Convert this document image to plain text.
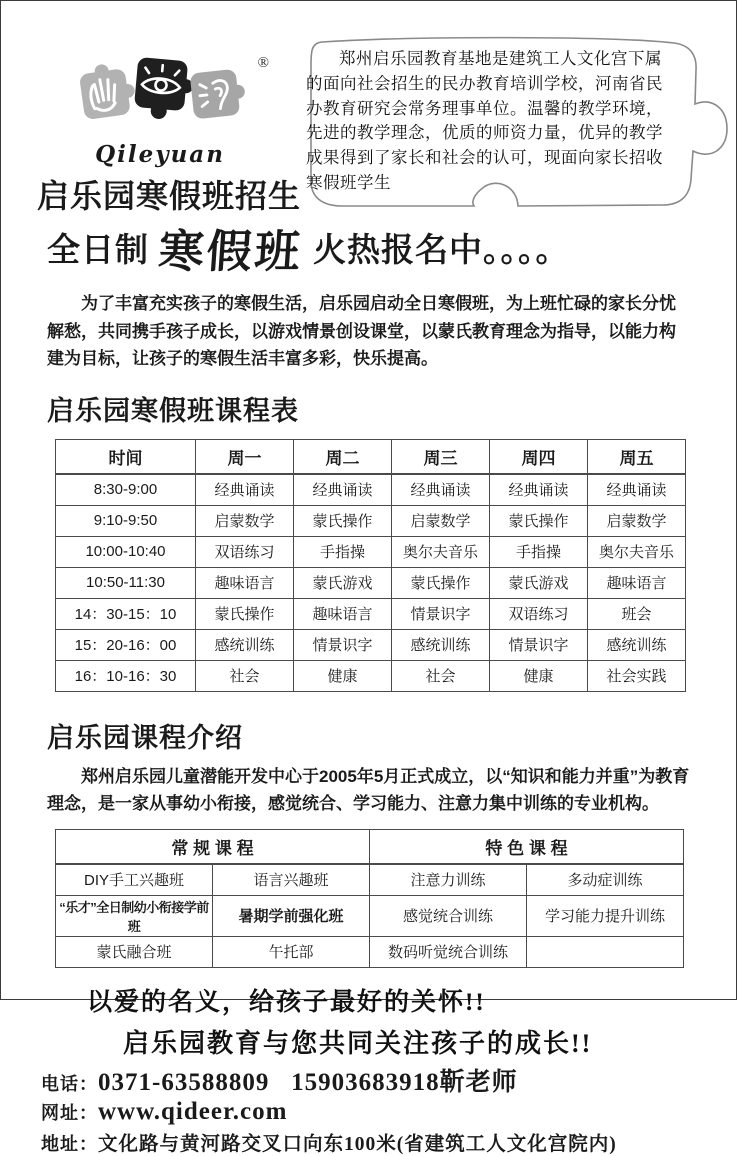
®
Qileyuan
启乐园寒假班招生
郑州启乐园教育基地是建筑工人文化宫下属的面向社会招生的民办教育培训学校，河南省民办教育研究会常务理事单位。温馨的教学环境，先进的教学理念，优质的师资力量，优异的教学成果得到了家长和社会的认可，现面向家长招收寒假班学生
全日制 寒假班 火热报名中。。。。

为了丰富充实孩子的寒假生活，启乐园启动全日寒假班，为上班忙碌的家长分忧解愁，共同携手孩子成长，以游戏情景创设课堂，以蒙氏教育理念为指导，以能力构建为目标，让孩子的寒假生活丰富多彩，快乐提高。

启乐园寒假班课程表
时间	周一	周二	周三	周四	周五
8:30-9:00	经典诵读	经典诵读	经典诵读	经典诵读	经典诵读
9:10-9:50	启蒙数学	蒙氏操作	启蒙数学	蒙氏操作	启蒙数学
10:00-10:40	双语练习	手指操	奥尔夫音乐	手指操	奥尔夫音乐
10:50-11:30	趣味语言	蒙氏游戏	蒙氏操作	蒙氏游戏	趣味语言
14：30-15：10	蒙氏操作	趣味语言	情景识字	双语练习	班会
15：20-16：00	感统训练	情景识字	感统训练	情景识字	感统训练
16：10-16：30	社会	健康	社会	健康	社会实践
启乐园课程介绍

郑州启乐园儿童潜能开发中心于2005年5月正式成立，以“知识和能力并重”为教育理念，是一家从事幼小衔接，感觉统合、学习能力、注意力集中训练的专业机构。

常 规 课 程		特 色 课 程	
DIY手工兴趣班	语言兴趣班	注意力训练	多动症训练
“乐才”全日制幼小衔接学前班	暑期学前强化班	感觉统合训练	学习能力提升训练
蒙氏融合班	午托部	数码听觉统合训练	
以爱的名义，给孩子最好的关怀!!
启乐园教育与您共同关注孩子的成长!!
电话： 0371-63588809   15903683918靳老师
网址： www.qideer.com
地址： 文化路与黄河路交叉口向东100米(省建筑工人文化宫院内)
